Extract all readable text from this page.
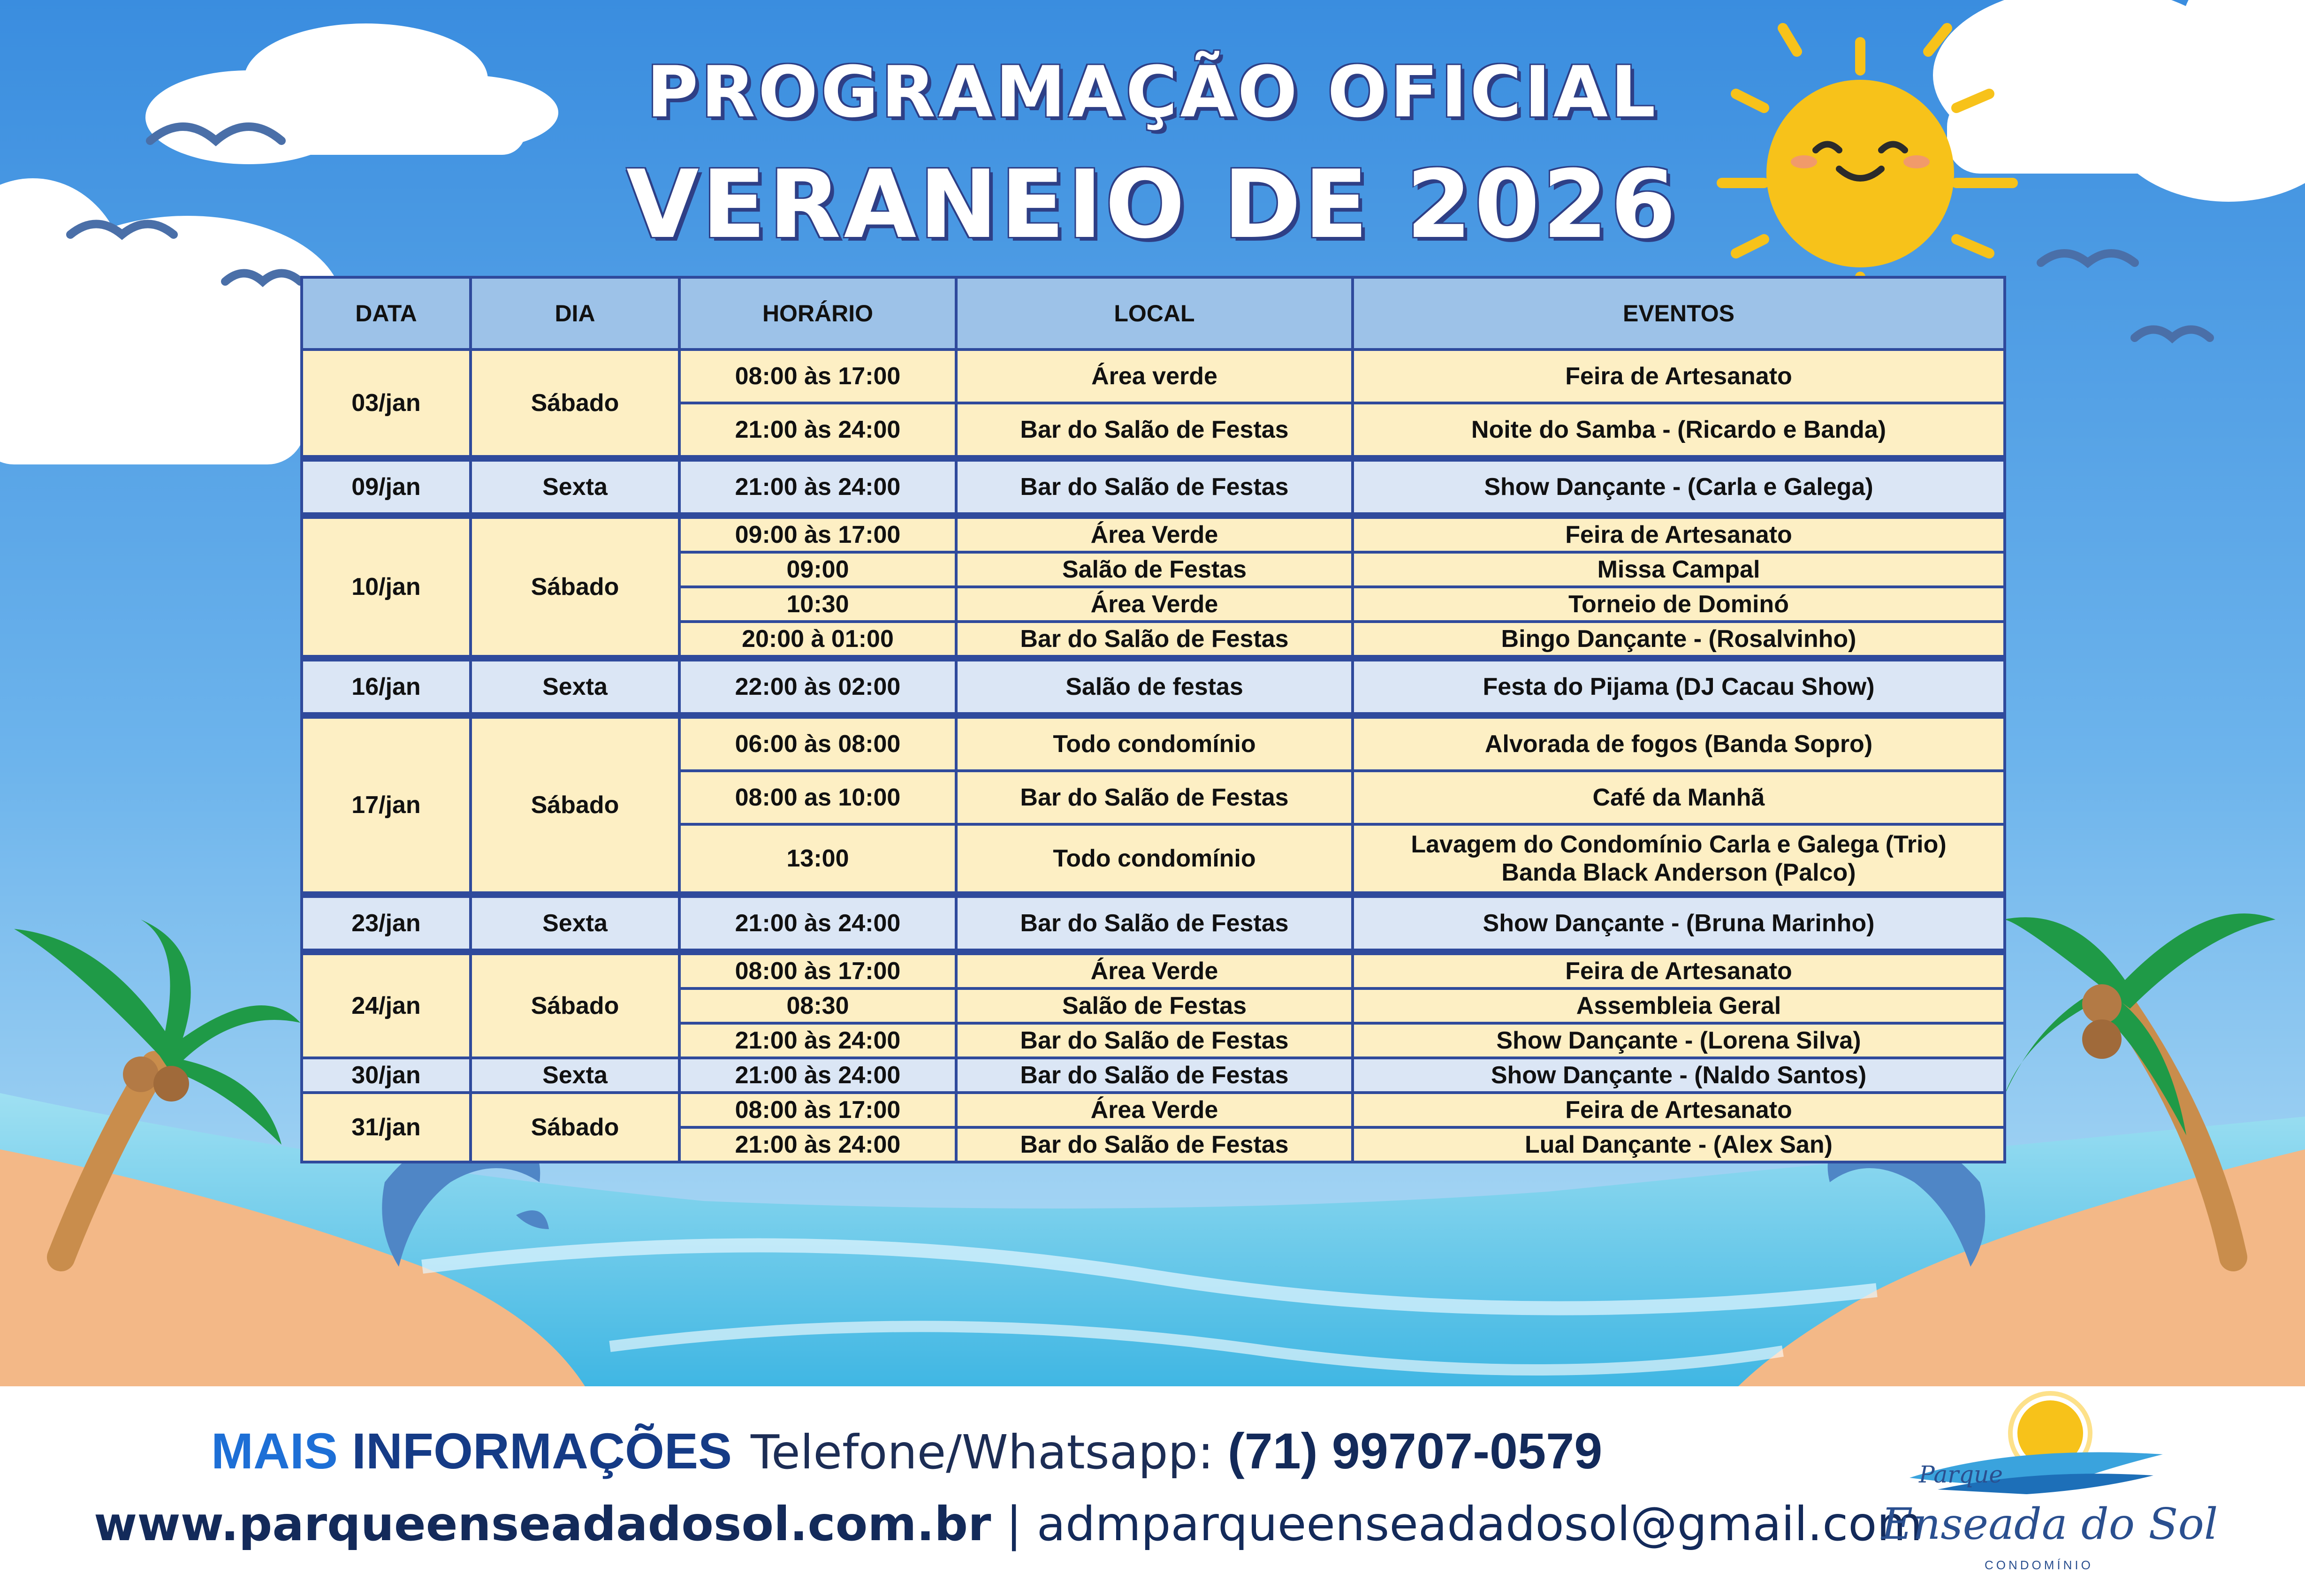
PROGRAMAÇÃO OFICIAL
VERANEIO DE 2026
DATA	DIA	HORÁRIO	LOCAL	EVENTOS
03/jan	Sábado	08:00 às 17:00	Área verde	Feira de Artesanato
		21:00 às 24:00	Bar do Salão de Festas	Noite do Samba - (Ricardo e Banda)
09/jan	Sexta	21:00 às 24:00	Bar do Salão de Festas	Show Dançante - (Carla e Galega)
10/jan	Sábado	09:00 às 17:00	Área Verde	Feira de Artesanato
		09:00	Salão de Festas	Missa Campal
		10:30	Área Verde	Torneio de Dominó
		20:00 à 01:00	Bar do Salão de Festas	Bingo Dançante - (Rosalvinho)
16/jan	Sexta	22:00 às 02:00	Salão de festas	Festa do Pijama (DJ Cacau Show)
17/jan	Sábado	06:00 às 08:00	Todo condomínio	Alvorada de fogos (Banda Sopro)
		08:00 as 10:00	Bar do Salão de Festas	Café da Manhã
		13:00	Todo condomínio	Lavagem do Condomínio Carla e Galega (Trio)
Banda Black Anderson (Palco)

23/jan	Sexta	21:00 às 24:00	Bar do Salão de Festas	Show Dançante - (Bruna Marinho)
24/jan	Sábado	08:00 às 17:00	Área Verde	Feira de Artesanato
		08:30	Salão de Festas	Assembleia Geral
		21:00 às 24:00	Bar do Salão de Festas	Show Dançante - (Lorena Silva)
30/jan	Sexta	21:00 às 24:00	Bar do Salão de Festas	Show Dançante - (Naldo Santos)
31/jan	Sábado	08:00 às 17:00	Área Verde	Feira de Artesanato
		21:00 às 24:00	Bar do Salão de Festas	Lual Dançante - (Alex San)
MAIS INFORMAÇÕES Telefone/Whatsapp: (71) 99707-0579
www.parqueenseadadosol.com.br | admparqueenseadadosol@gmail.com
Parque
Enseada do Sol
CONDOMÍNIO
